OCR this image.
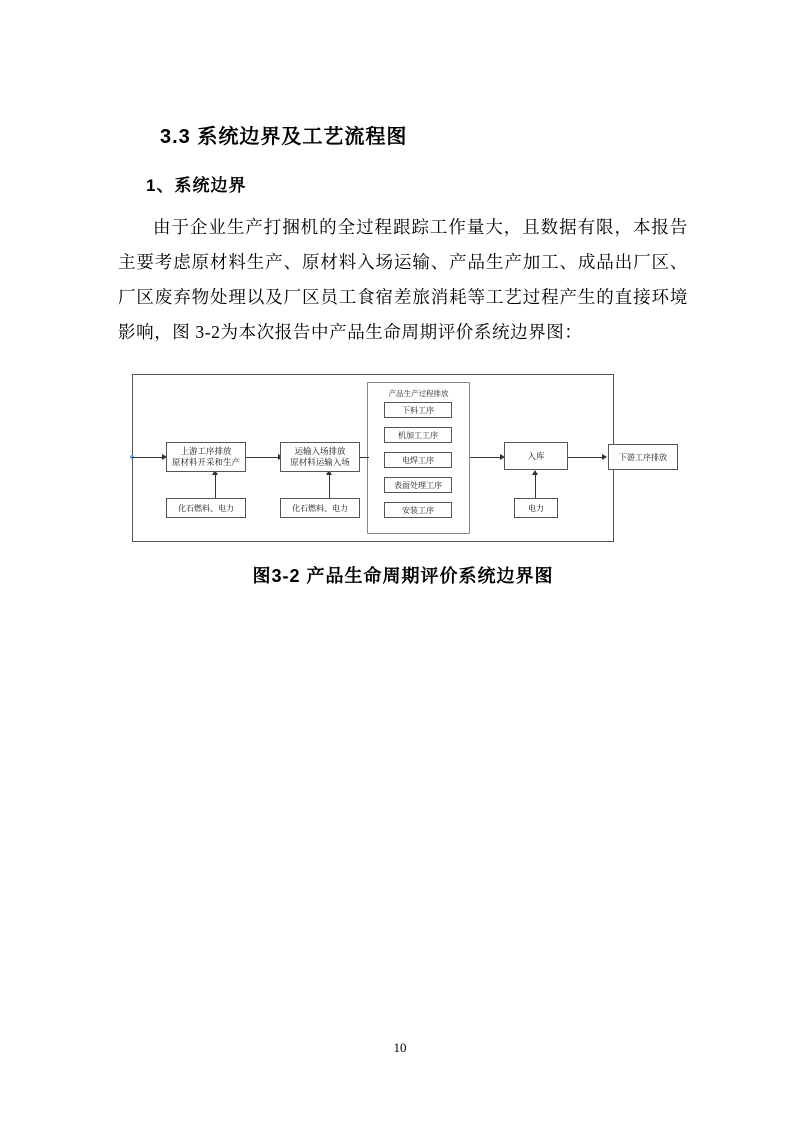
3.3 系统边界及工艺流程图
1、系统边界

由于企业生产打捆机的全过程跟踪工作量大，且数据有限，本报告主要考虑原材料生产、原材料入场运输、产品生产加工、成品出厂区、厂区废弃物处理以及厂区员工食宿差旅消耗等工艺过程产生的直接环境影响，图 3-2为本次报告中产品生命周期评价系统边界图：

产品生产过程排放
上游工序排放
原材料开采和生产
运输入场排放
原材料运输入场
化石燃料、电力	化石燃料、电力
下料工序
机加工工序
电焊工序
表面处理工序
安装工序
入库
电力
下游工序排放
图3-2 产品生命周期评价系统边界图
10
